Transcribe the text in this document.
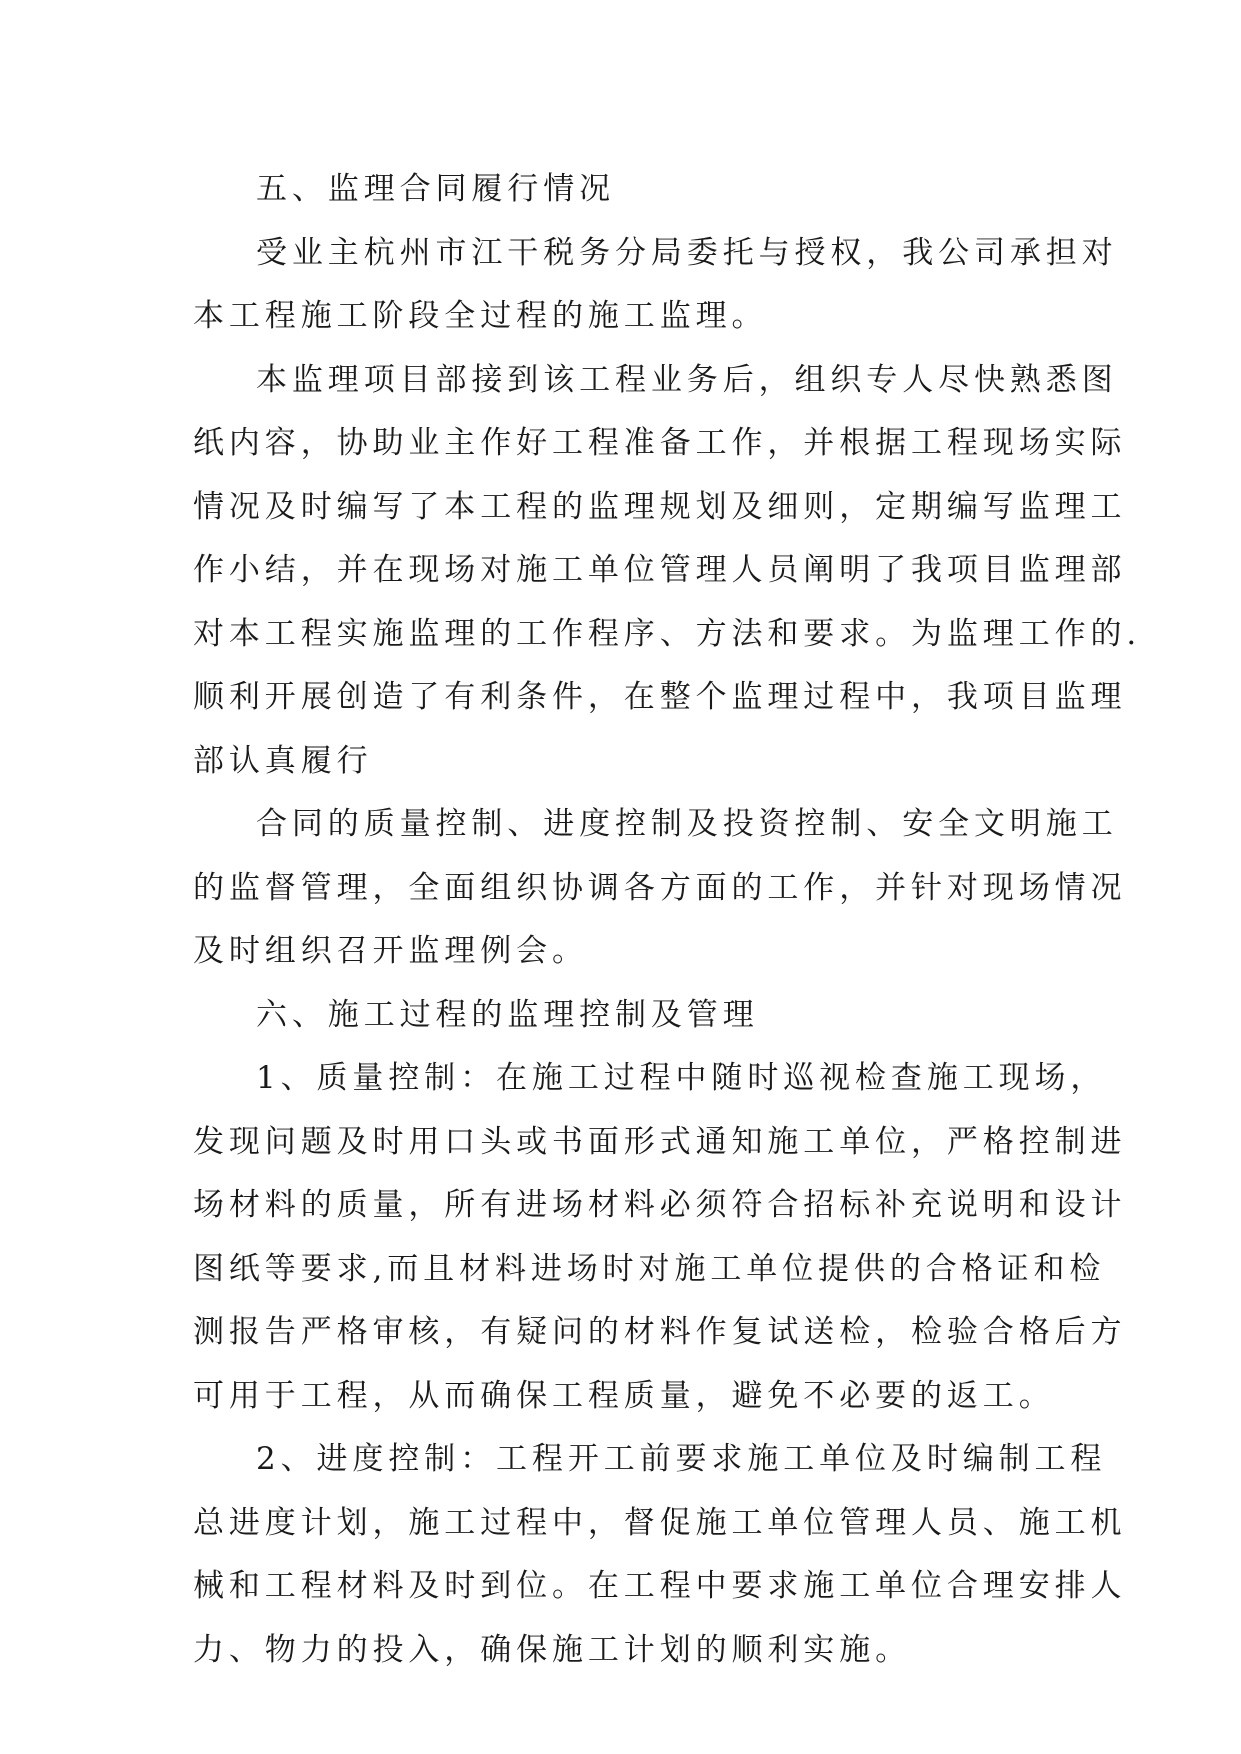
五、监理合同履行情况
受业主杭州市江干税务分局委托与授权，我公司承担对
本工程施工阶段全过程的施工监理。
本监理项目部接到该工程业务后，组织专人尽快熟悉图
纸内容，协助业主作好工程准备工作，并根据工程现场实际
情况及时编写了本工程的监理规划及细则，定期编写监理工
作小结，并在现场对施工单位管理人员阐明了我项目监理部
对本工程实施监理的工作程序、方法和要求。为监理工作的.
顺利开展创造了有利条件，在整个监理过程中，我项目监理
部认真履行
合同的质量控制、进度控制及投资控制、安全文明施工
的监督管理，全面组织协调各方面的工作，并针对现场情况
及时组织召开监理例会。
六、施工过程的监理控制及管理
1、质量控制：在施工过程中随时巡视检查施工现场，
发现问题及时用口头或书面形式通知施工单位，严格控制进
场材料的质量，所有进场材料必须符合招标补充说明和设计
图纸等要求,而且材料进场时对施工单位提供的合格证和检
测报告严格审核，有疑问的材料作复试送检，检验合格后方
可用于工程，从而确保工程质量，避免不必要的返工。
2、进度控制：工程开工前要求施工单位及时编制工程
总进度计划，施工过程中，督促施工单位管理人员、施工机
械和工程材料及时到位。在工程中要求施工单位合理安排人
力、物力的投入，确保施工计划的顺利实施。
